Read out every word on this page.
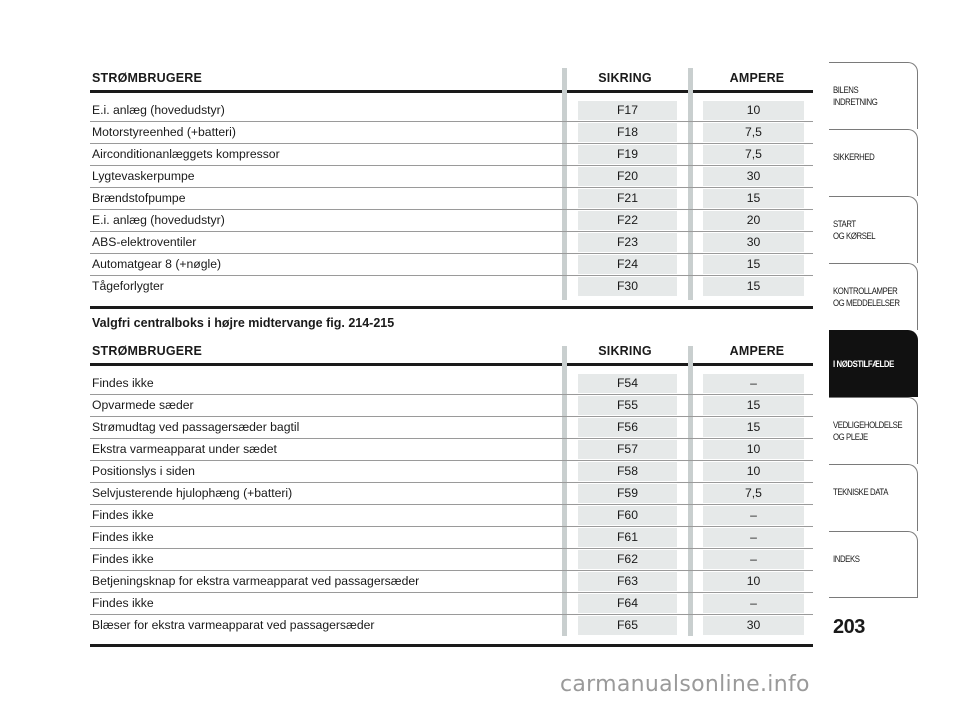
STRØMBRUGERE	SIKRING	AMPERE
E.i. anlæg (hovedudstyr)	F17	10
Motorstyreenhed (+batteri)	F18	7,5
Airconditionanlæggets kompressor	F19	7,5
Lygtevaskerpumpe	F20	30
Brændstofpumpe	F21	15
E.i. anlæg (hovedudstyr)	F22	20
ABS-elektroventiler	F23	30
Automatgear 8 (+nøgle)	F24	15
Tågeforlygter	F30	15
Valgfri centralboks i højre midtervange fig. 214-215
STRØMBRUGERE	SIKRING	AMPERE
Findes ikke	F54	–
Opvarmede sæder	F55	15
Strømudtag ved passagersæder bagtil	F56	15
Ekstra varmeapparat under sædet	F57	10
Positionslys i siden	F58	10
Selvjusterende hjulophæng (+batteri)	F59	7,5
Findes ikke	F60	–
Findes ikke	F61	–
Findes ikke	F62	–
Betjeningsknap for ekstra varmeapparat ved passagersæder	F63	10
Findes ikke	F64	–
Blæser for ekstra varmeapparat ved passagersæder	F65	30
BILENS
INDRETNING
SIKKERHED
START
OG KØRSEL
KONTROLLAMPER
OG MEDDELELSER
I NØDSTILFÆLDE
VEDLIGEHOLDELSE
OG PLEJE
TEKNISKE DATA
INDEKS
203
carmanualsonline.info
